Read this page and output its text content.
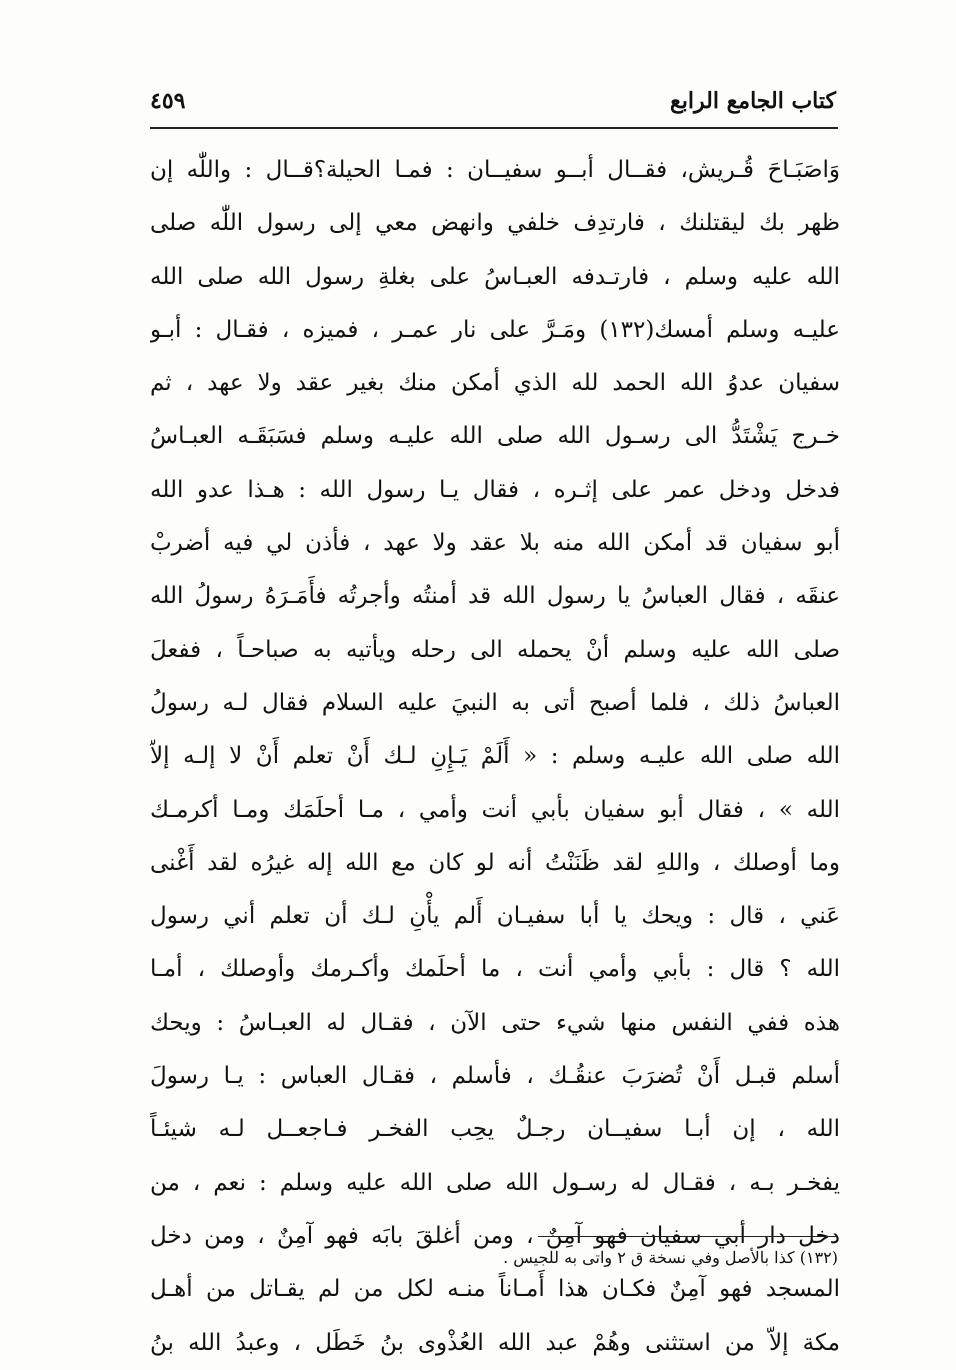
كتاب الجامع الرابع
٤٥٩
وَاصَبَـاحَ قُـريش، فقــال أبــو سفيــان : فمـا الحيلة؟قــال : واللّٰه إن
ظهر بك ليقتلنك ، فارتدِف خلفي وانهض معي إلى رسول اللّٰه صلى
الله عليه وسلم ، فارتـدفه العبـاسُ على بغلةِ رسول الله صلى الله
عليـه وسلم أمسك(١٣٢) ومَـرَّ على نار عمـر ، فميزه ، فقـال : أبـو
سفيان عدوُ الله الحمد لله الذي أمكن منك بغير عقد ولا عهد ، ثم
خـرج يَشْتَدُّ الى رسـول الله صلى الله عليـه وسلم فسَبَقَـه العبـاسُ
فدخل ودخل عمر على إثـره ، فقال يـا رسول الله : هـذا عدو الله
أبو سفيان قد أمكن الله منه بلا عقد ولا عهد ، فأذن لي فيه أضربْ
عنقَه ، فقال العباسُ يا رسول الله قد أمنتُه وأجرتُه فأَمَـرَهُ رسولُ الله
صلى الله عليه وسلم أنْ يحمله الى رحله ويأتيه به صباحـاً ، ففعلَ
العباسُ ذلك ، فلما أصبح أتى به النبيَ عليه السلام فقال لـه رسولُ
الله صلى الله عليـه وسلم : « أَلَمْ يَـإِنِ لـك أَنْ تعلم أَنْ لا إلـه إلاّ
الله » ، فقال أبو سفيان بأبي أنت وأمي ، مـا أحلَمَك ومـا أكرمـك
وما أوصلك ، واللهِ لقد ظَنَنْتُ أنه لو كان مع الله إله غيرُه لقد أَغْنى
عَني ، قال : ويحك يا أبا سفيـان أَلم يأْنِ لـك أن تعلم أني رسول
الله ؟ قال : بأبي وأمي أنت ، ما أحلَمك وأكـرمك وأوصلك ، أمـا
هذه ففي النفس منها شيء حتى الآن ، فقـال له العبـاسُ : ويحك
أسلم قبـل أَنْ تُضرَبَ عنقُـك ، فأسلم ، فقـال العباس : يـا رسولَ
الله ، إن أبـا سفيــان رجـلٌ يحِب الفخـر فـاجعــل لـه شيئـاً
يفخـر بـه ، فقـال له رسـول الله صلى الله عليه وسلم : نعم ، من
دخل دار أبي سفيان فهو آمِنٌ ، ومن أغلقَ بابَه فهو آمِنٌ ، ومن دخل
المسجد فهو آمِنٌ فكـان هذا أَمـاناً منـه لكل من لم يقـاتل من أهـل
مكة إلاّ من استثنى وهُمْ عبد الله العُذْوى بنُ خَطَل ، وعبدُ الله بنُ
(١٣٢) كذا بالأصل وفي نسخة ق ٢ واتى به للجيس .
